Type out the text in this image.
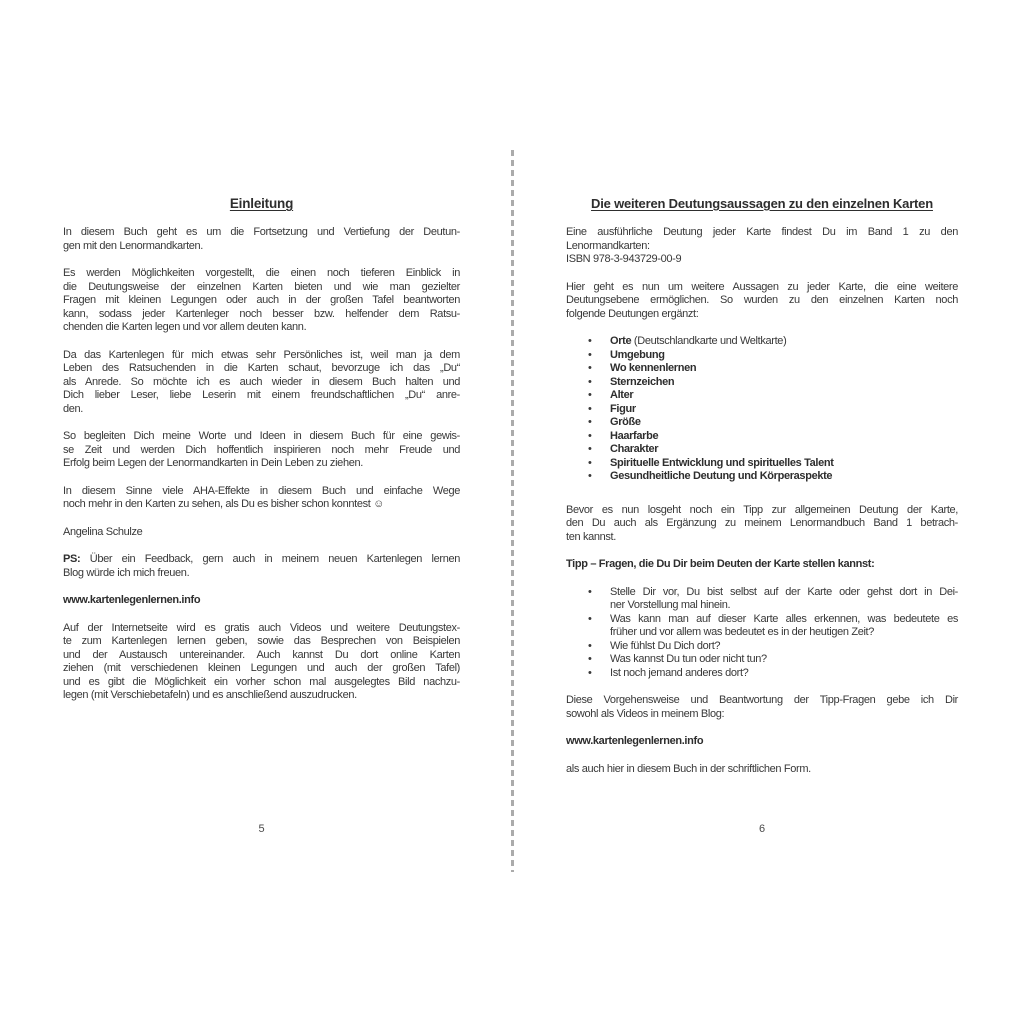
Einleitung
In diesem Buch geht es um die Fortsetzung und Vertiefung der Deutun-
gen mit den Lenormandkarten.
Es werden Möglichkeiten vorgestellt, die einen noch tieferen Einblick in
die Deutungsweise der einzelnen Karten bieten und wie man gezielter
Fragen mit kleinen Legungen oder auch in der großen Tafel beantworten
kann, sodass jeder Kartenleger noch besser bzw. helfender dem Ratsu-
chenden die Karten legen und vor allem deuten kann.
Da das Kartenlegen für mich etwas sehr Persönliches ist, weil man ja dem
Leben des Ratsuchenden in die Karten schaut, bevorzuge ich das „Du“
als Anrede. So möchte ich es auch wieder in diesem Buch halten und
Dich lieber Leser, liebe Leserin mit einem freundschaftlichen „Du“ anre-
den.
So begleiten Dich meine Worte und Ideen in diesem Buch für eine gewis-
se Zeit und werden Dich hoffentlich inspirieren noch mehr Freude und
Erfolg beim Legen der Lenormandkarten in Dein Leben zu ziehen.
In diesem Sinne viele AHA-Effekte in diesem Buch und einfache Wege
noch mehr in den Karten zu sehen, als Du es bisher schon konntest ☺
Angelina Schulze
PS: Über ein Feedback, gern auch in meinem neuen Kartenlegen lernen
Blog würde ich mich freuen.
www.kartenlegenlernen.info
Auf der Internetseite wird es gratis auch Videos und weitere Deutungstex-
te zum Kartenlegen lernen geben, sowie das Besprechen von Beispielen
und der Austausch untereinander. Auch kannst Du dort online Karten
ziehen (mit verschiedenen kleinen Legungen und auch der großen Tafel)
und es gibt die Möglichkeit ein vorher schon mal ausgelegtes Bild nachzu-
legen (mit Verschiebetafeln) und es anschließend auszudrucken.
5
Die weiteren Deutungsaussagen zu den einzelnen Karten
Eine ausführliche Deutung jeder Karte findest Du im Band 1 zu den
Lenormandkarten:
ISBN 978-3-943729-00-9
Hier geht es nun um weitere Aussagen zu jeder Karte, die eine weitere
Deutungsebene ermöglichen. So wurden zu den einzelnen Karten noch
folgende Deutungen ergänzt:
•	Orte (Deutschlandkarte und Weltkarte)
•	Umgebung
•	Wo kennenlernen
•	Sternzeichen
•	Alter
•	Figur
•	Größe
•	Haarfarbe
•	Charakter
•	Spirituelle Entwicklung und spirituelles Talent
•	Gesundheitliche Deutung und Körperaspekte
Bevor es nun losgeht noch ein Tipp zur allgemeinen Deutung der Karte,
den Du auch als Ergänzung zu meinem Lenormandbuch Band 1 betrach-
ten kannst.
Tipp – Fragen, die Du Dir beim Deuten der Karte stellen kannst:
•	Stelle Dir vor, Du bist selbst auf der Karte oder gehst dort in Dei-
ner Vorstellung mal hinein.
•	Was kann man auf dieser Karte alles erkennen, was bedeutete es
früher und vor allem was bedeutet es in der heutigen Zeit?
•	Wie fühlst Du Dich dort?
•	Was kannst Du tun oder nicht tun?
•	Ist noch jemand anderes dort?
Diese Vorgehensweise und Beantwortung der Tipp-Fragen gebe ich Dir
sowohl als Videos in meinem Blog:
www.kartenlegenlernen.info
als auch hier in diesem Buch in der schriftlichen Form.
6
